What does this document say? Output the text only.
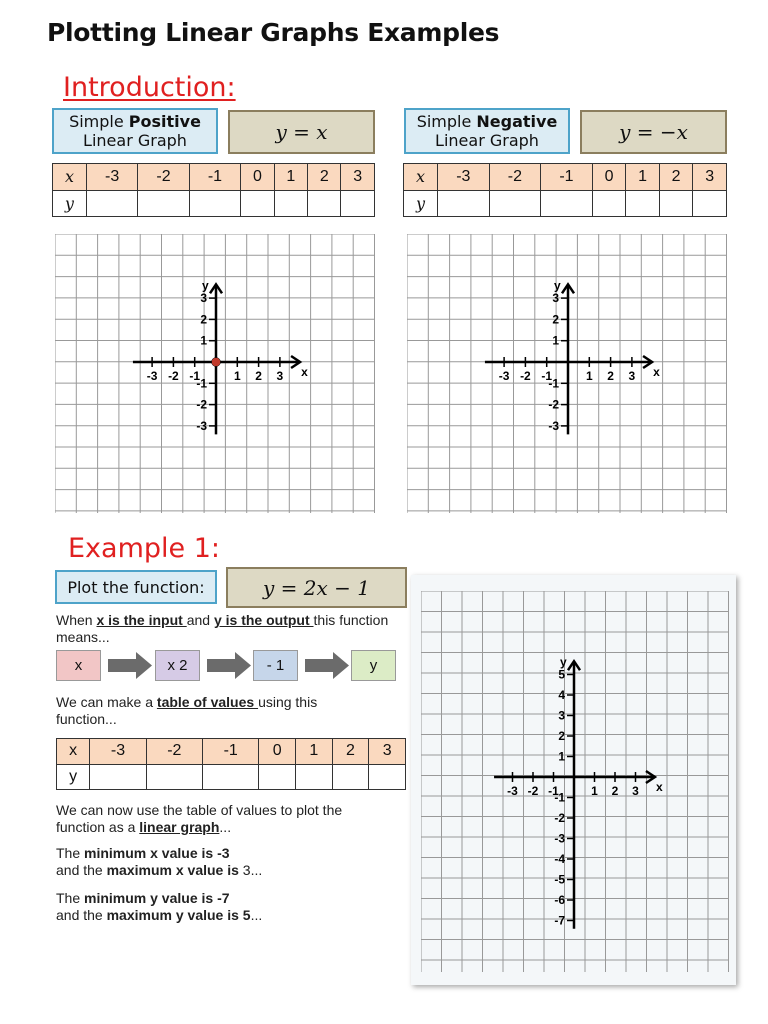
Plotting Linear Graphs Examples
Introduction:
Simple Positive
Linear Graph	y = x	Simple Negative
Linear Graph	y = −x
x	-3	-2	-1	0	1	2	3
y							
x	-3	-2	-1	0	1	2	3
y							
x
y
-3 -2 -1	1 2 3
3
2
1
-1
-2
-3
x
y
-3 -2 -1	1 2 3
3
2
1
-1
-2
-3
Example 1:
Plot the function:	y = 2x − 1
When x is the input and y is the output this function means...
x	x 2	- 1	y
We can make a table of values using this function...
x	-3	-2	-1	0	1	2	3
y							
We can now use the table of values to plot the function as a linear graph...
The minimum x value is -3
and the maximum x value is 3...
The minimum y value is -7
and the maximum y value is 5...
x
y
-3 -2 -1	1 2 3
5
4
3
2
1
-1
-2
-3
-4
-5
-6
-7
